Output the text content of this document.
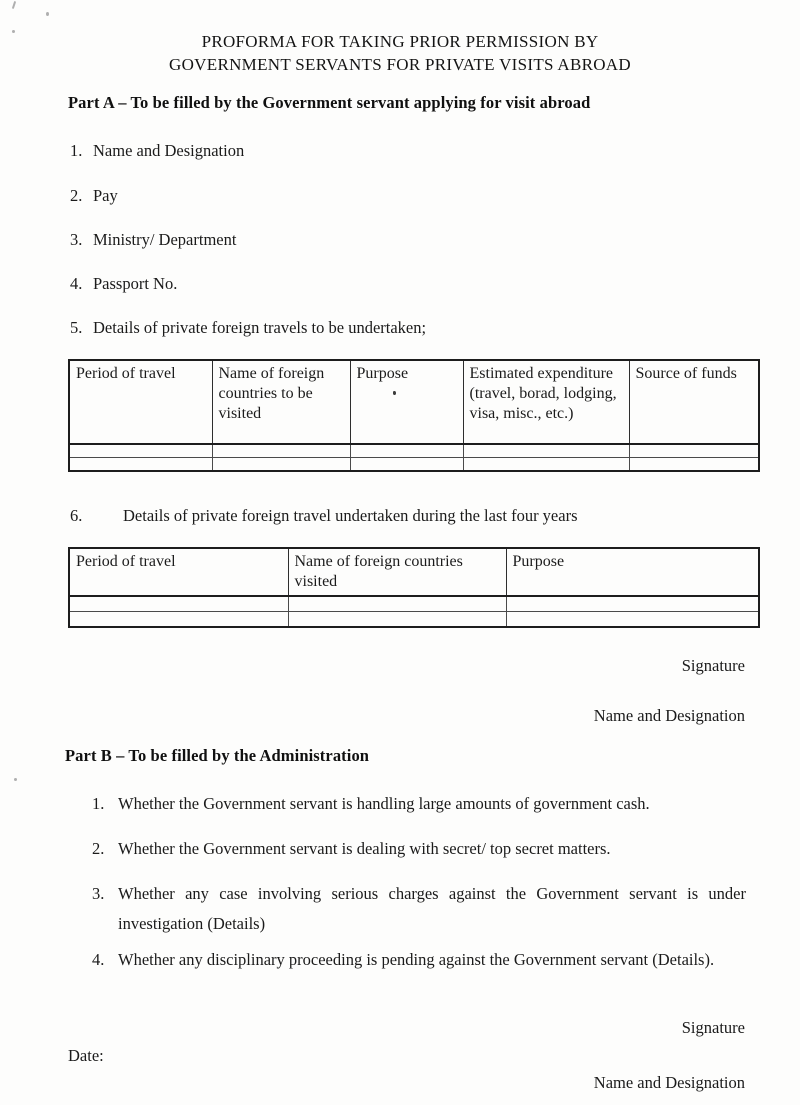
PROFORMA FOR TAKING PRIOR PERMISSION BY
GOVERNMENT SERVANTS FOR PRIVATE VISITS ABROAD
Part A – To be filled by the Government servant applying for visit abroad
1. Name and Designation
2. Pay
3. Ministry/ Department
4. Passport No.
5. Details of private foreign travels to be undertaken;
Period of travel	Name of foreign countries to be visited	Purpose	Estimated expenditure (travel, borad, lodging, visa, misc., etc.)	Source of funds

6.	Details of private foreign travel undertaken during the last four years
Period of travel	Name of foreign countries visited	Purpose

Signature
Name and Designation
Part B – To be filled by the Administration
1. Whether the Government servant is handling large amounts of government cash.
2. Whether the Government servant is dealing with secret/ top secret matters.
3. Whether any case involving serious charges against the Government servant is under investigation (Details)
4. Whether any disciplinary proceeding is pending against the Government servant (Details).
Signature
Date:
Name and Designation
